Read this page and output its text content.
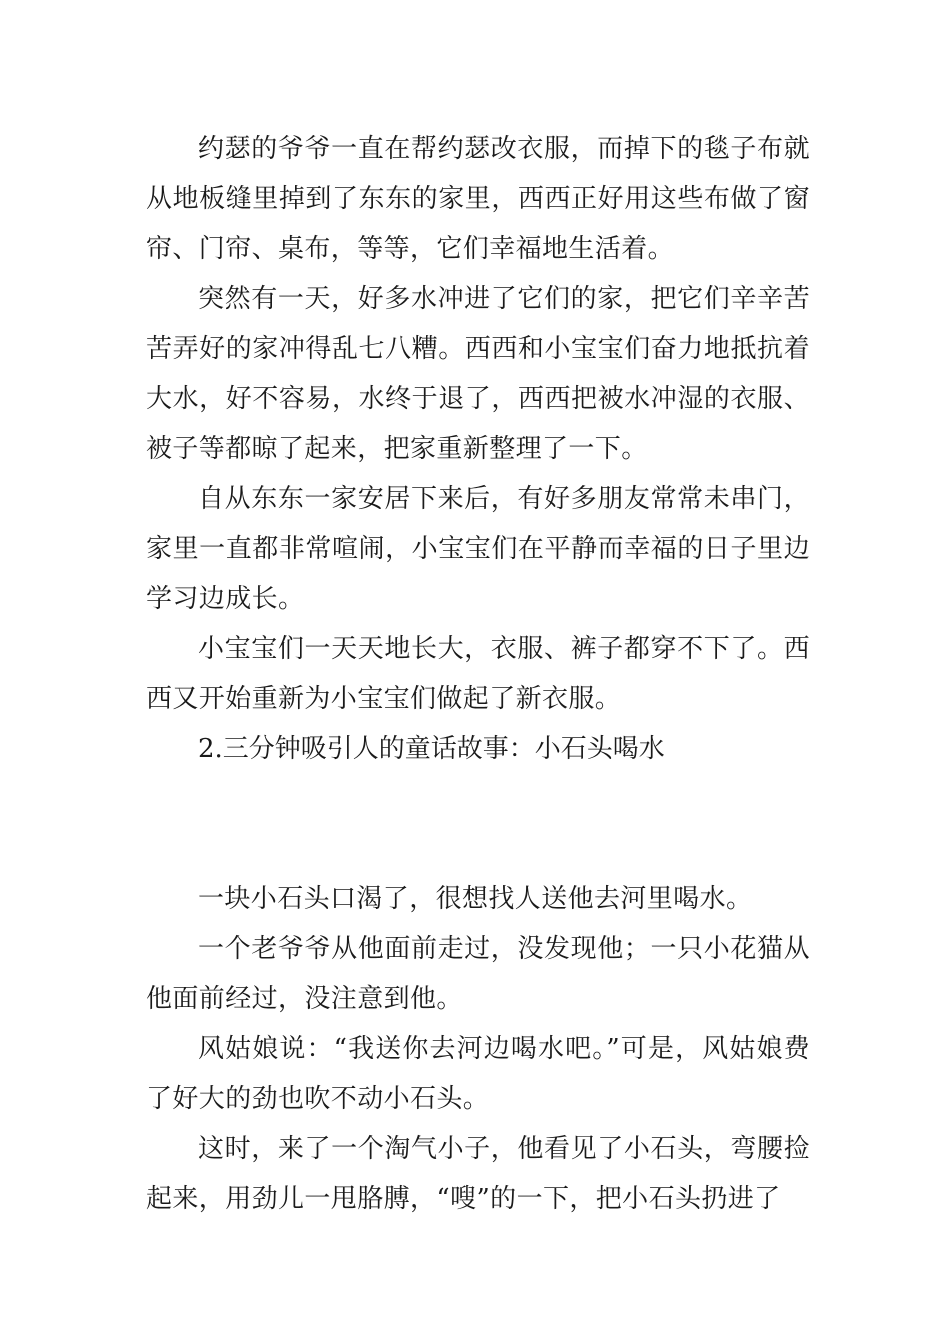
约瑟的爷爷一直在帮约瑟改衣服，而掉下的毯子布就从地板缝里掉到了东东的家里，西西正好用这些布做了窗帘、门帘、桌布，等等，它们幸福地生活着。

突然有一天，好多水冲进了它们的家，把它们辛辛苦苦弄好的家冲得乱七八糟。西西和小宝宝们奋力地抵抗着大水，好不容易，水终于退了，西西把被水冲湿的衣服、被子等都晾了起来，把家重新整理了一下。

自从东东一家安居下来后，有好多朋友常常未串门，家里一直都非常喧闹，小宝宝们在平静而幸福的日子里边学习边成长。

小宝宝们一天天地长大，衣服、裤子都穿不下了。西西又开始重新为小宝宝们做起了新衣服。

2.三分钟吸引人的童话故事：小石头喝水

一块小石头口渴了，很想找人送他去河里喝水。

一个老爷爷从他面前走过，没发现他；一只小花猫从他面前经过，没注意到他。

风姑娘说：“我送你去河边喝水吧。”可是，风姑娘费了好大的劲也吹不动小石头。

这时，来了一个淘气小子，他看见了小石头，弯腰捡起来，用劲儿一甩胳膊，“嗖”的一下，把小石头扔进了
